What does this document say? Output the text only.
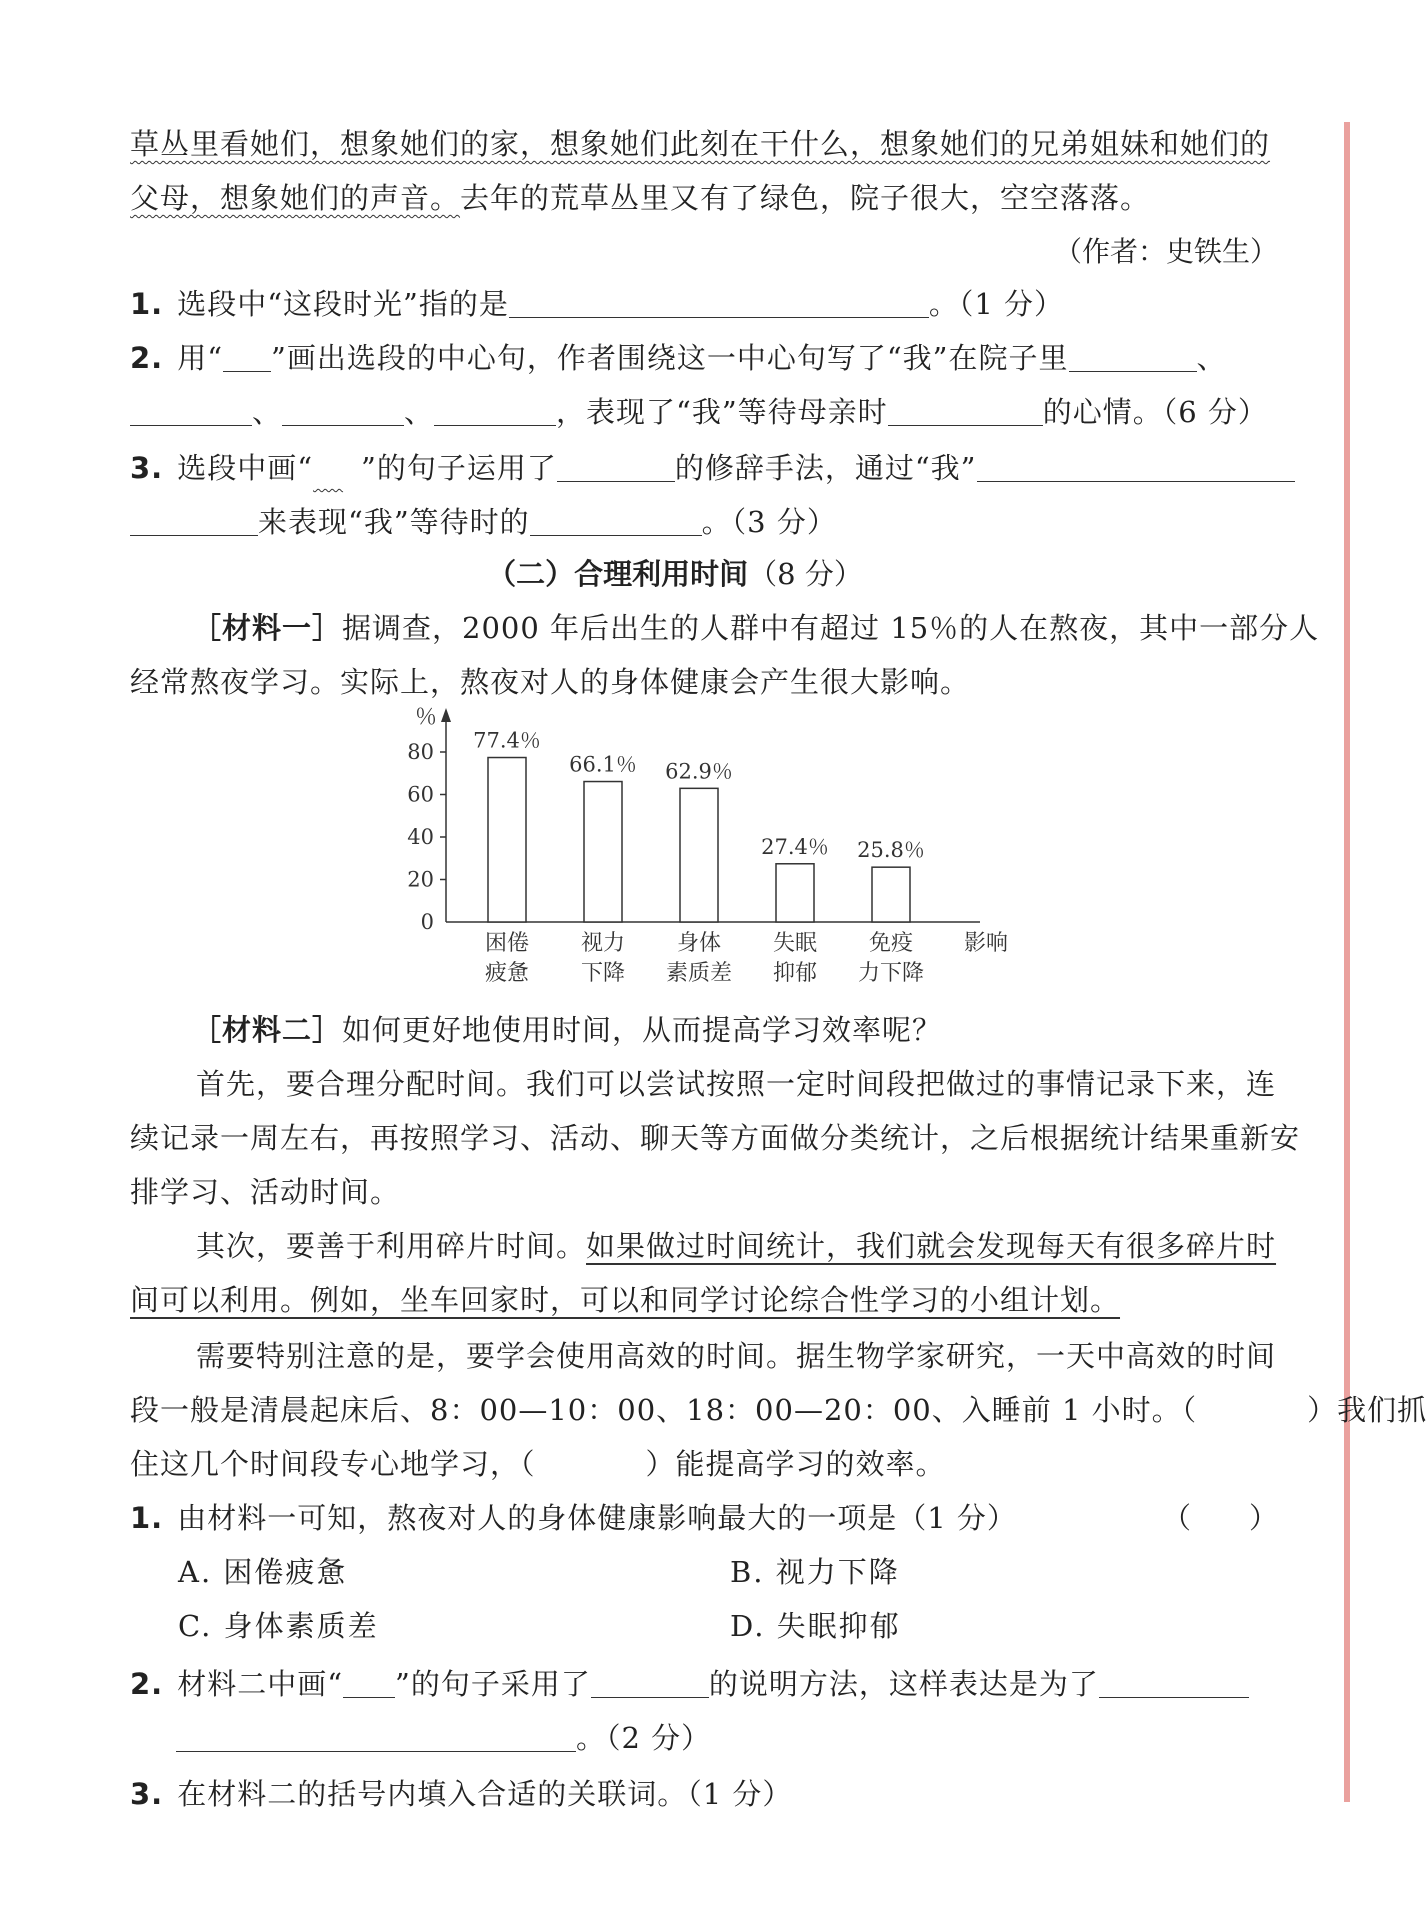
草丛里看她们，想象她们的家，想象她们此刻在干什么，想象她们的兄弟姐妹和她们的
父母，想象她们的声音。去年的荒草丛里又有了绿色，院子很大，空空落落。
（作者：史铁生）
1. 选段中“这段时光”指的是	。（1 分）
2. 用“ ”画出选段的中心句，作者围绕这一中心句写了“我”在院子里	、
、	、	，表现了“我”等待母亲时	的心情。（6 分）
3. 选段中画“　 ”的句子运用了	的修辞手法，通过“我”
来表现“我”等待时的	。（3 分）
（二）合理利用时间（8 分）
［材料一］据调查，2000 年后出生的人群中有超过 15％的人在熬夜，其中一部分人
经常熬夜学习。实际上，熬夜对人的身体健康会产生很大影响。
％
0
20
40
60
80 77.4％
困倦
疲惫
66.1％
视力
下降
62.9％
身体
素质差
27.4％
失眠
抑郁
25.8％
免疫
力下降
影响
［材料二］如何更好地使用时间，从而提高学习效率呢？
首先，要合理分配时间。我们可以尝试按照一定时间段把做过的事情记录下来，连
续记录一周左右，再按照学习、活动、聊天等方面做分类统计，之后根据统计结果重新安
排学习、活动时间。
其次，要善于利用碎片时间。如果做过时间统计，我们就会发现每天有很多碎片时
间可以利用。例如，坐车回家时，可以和同学讨论综合性学习的小组计划。
需要特别注意的是，要学会使用高效的时间。据生物学家研究，一天中高效的时间
段一般是清晨起床后、8：00—10：00、18：00—20：00、入睡前 1 小时。（	）我们抓
住这几个时间段专心地学习，（	）能提高学习的效率。
1. 由材料一可知，熬夜对人的身体健康影响最大的一项是（1 分）	（　　）
A. 困倦疲惫	B. 视力下降
C. 身体素质差	D. 失眠抑郁
2. 材料二中画“ ”的句子采用了	的说明方法，这样表达是为了
。（2 分）
3. 在材料二的括号内填入合适的关联词。（1 分）
